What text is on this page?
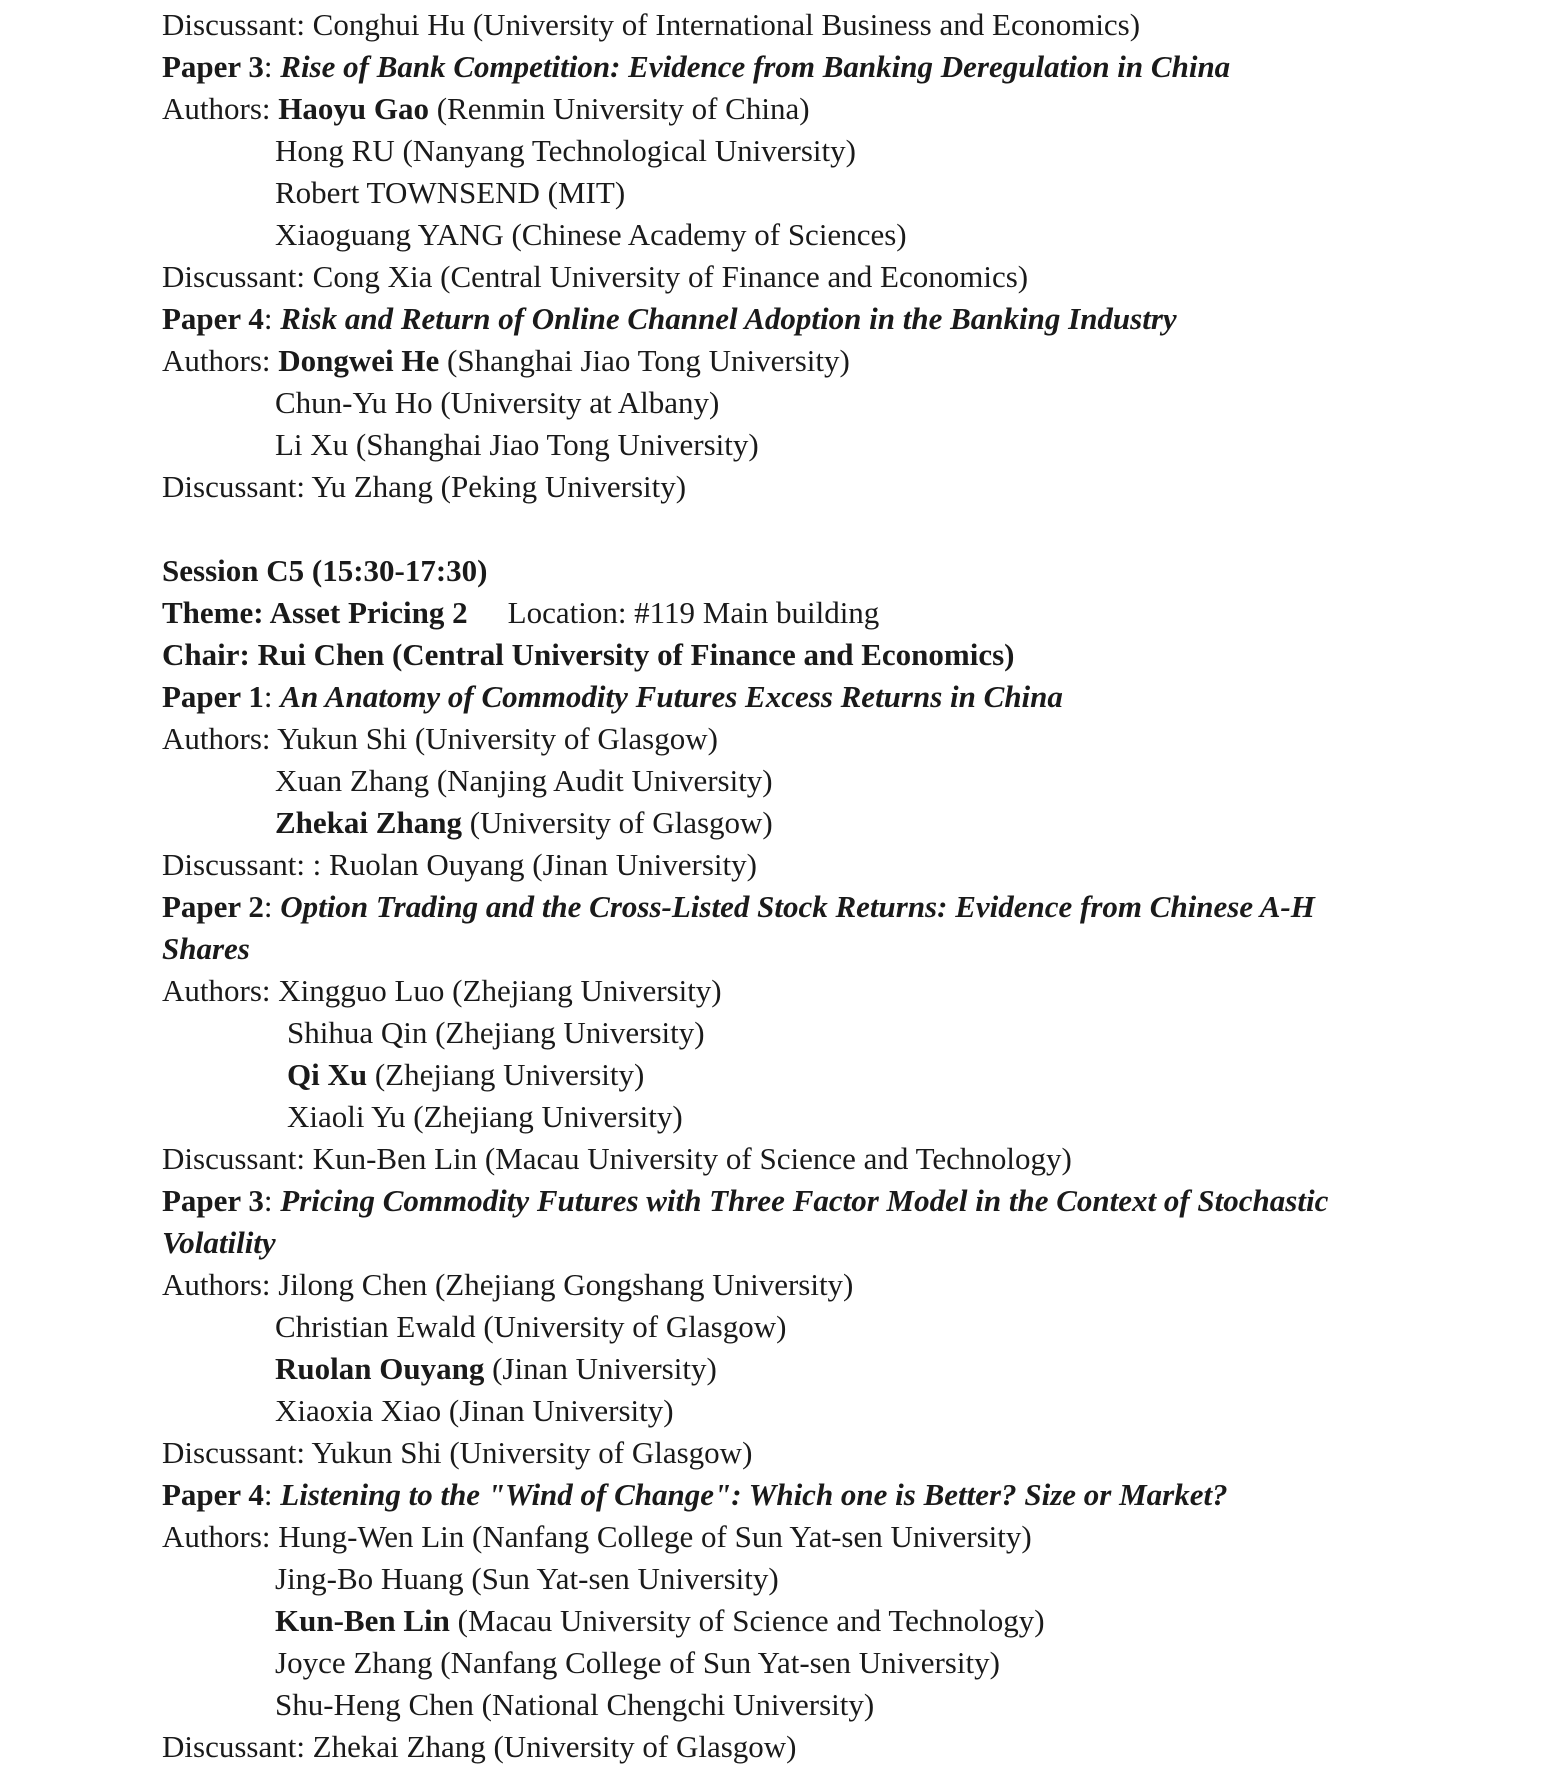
Discussant: Conghui Hu (University of International Business and Economics)
Paper 3: Rise of Bank Competition: Evidence from Banking Deregulation in China
Authors: Haoyu Gao (Renmin University of China)
Hong RU (Nanyang Technological University)
Robert TOWNSEND (MIT)
Xiaoguang YANG (Chinese Academy of Sciences)
Discussant: Cong Xia (Central University of Finance and Economics)
Paper 4: Risk and Return of Online Channel Adoption in the Banking Industry
Authors: Dongwei He (Shanghai Jiao Tong University)
Chun-Yu Ho (University at Albany)
Li Xu (Shanghai Jiao Tong University)
Discussant: Yu Zhang (Peking University)

Session C5 (15:30-17:30)
Theme: Asset Pricing 2 Location: #119 Main building
Chair: Rui Chen (Central University of Finance and Economics)
Paper 1: An Anatomy of Commodity Futures Excess Returns in China
Authors: Yukun Shi (University of Glasgow)
Xuan Zhang (Nanjing Audit University)
Zhekai Zhang (University of Glasgow)
Discussant: : Ruolan Ouyang (Jinan University)
Paper 2: Option Trading and the Cross-Listed Stock Returns: Evidence from Chinese A-H
Shares
Authors: Xingguo Luo (Zhejiang University)
Shihua Qin (Zhejiang University)
Qi Xu (Zhejiang University)
Xiaoli Yu (Zhejiang University)
Discussant: Kun-Ben Lin (Macau University of Science and Technology)
Paper 3: Pricing Commodity Futures with Three Factor Model in the Context of Stochastic
Volatility
Authors: Jilong Chen (Zhejiang Gongshang University)
Christian Ewald (University of Glasgow)
Ruolan Ouyang (Jinan University)
Xiaoxia Xiao (Jinan University)
Discussant: Yukun Shi (University of Glasgow)
Paper 4: Listening to the "Wind of Change": Which one is Better? Size or Market?
Authors: Hung-Wen Lin (Nanfang College of Sun Yat-sen University)
Jing-Bo Huang (Sun Yat-sen University)
Kun-Ben Lin (Macau University of Science and Technology)
Joyce Zhang (Nanfang College of Sun Yat-sen University)
Shu-Heng Chen (National Chengchi University)
Discussant: Zhekai Zhang (University of Glasgow)
